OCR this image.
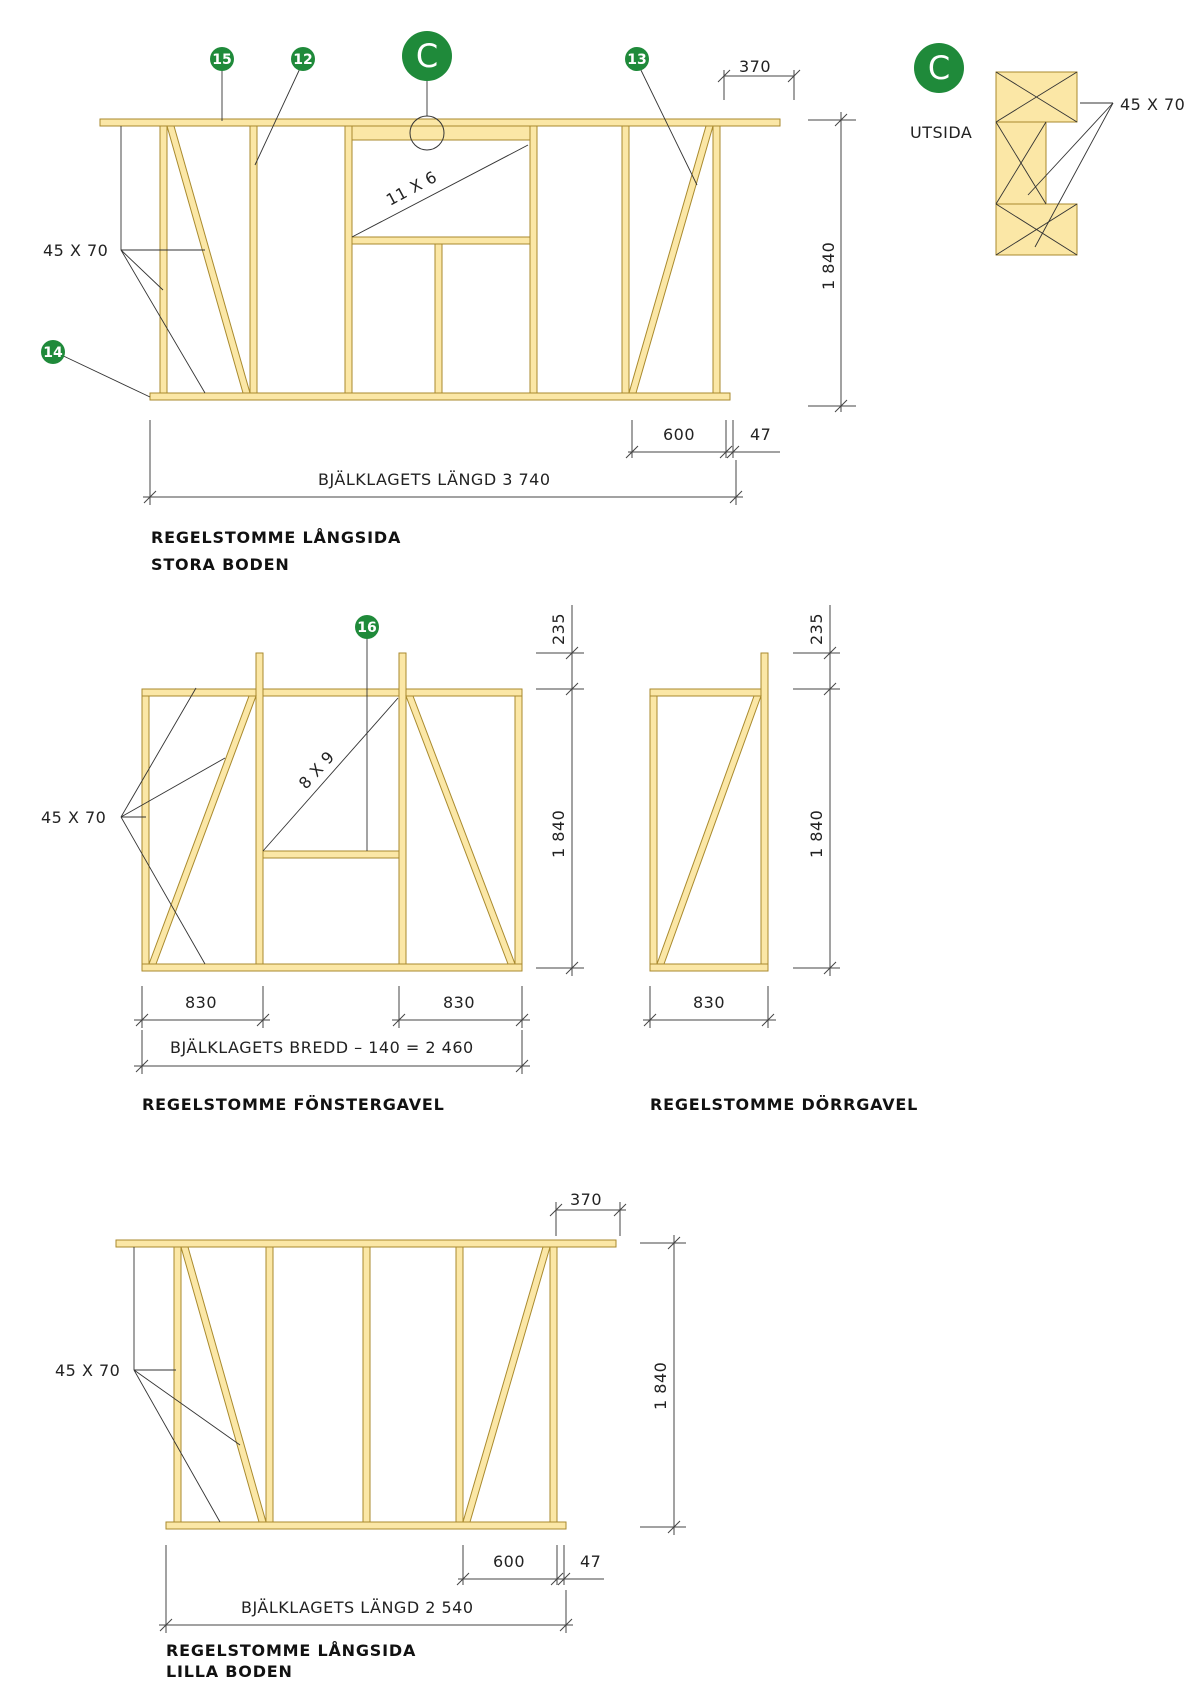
11 X 6
45 X 70
370
1 840
600	47
BJÄLKLAGETS LÄNGD 3 740
REGELSTOMME LÅNGSIDA
STORA BODEN
15	12	C	13
14
C
UTSIDA
45 X 70
8 X 9
45 X 70
235
1 840
830	830
BJÄLKLAGETS BREDD – 140 = 2 460
REGELSTOMME FÖNSTERGAVEL
16	235
1 840
830
REGELSTOMME DÖRRGAVEL
45 X 70
370
1 840
600	47
BJÄLKLAGETS LÄNGD 2 540
REGELSTOMME LÅNGSIDA
LILLA BODEN
